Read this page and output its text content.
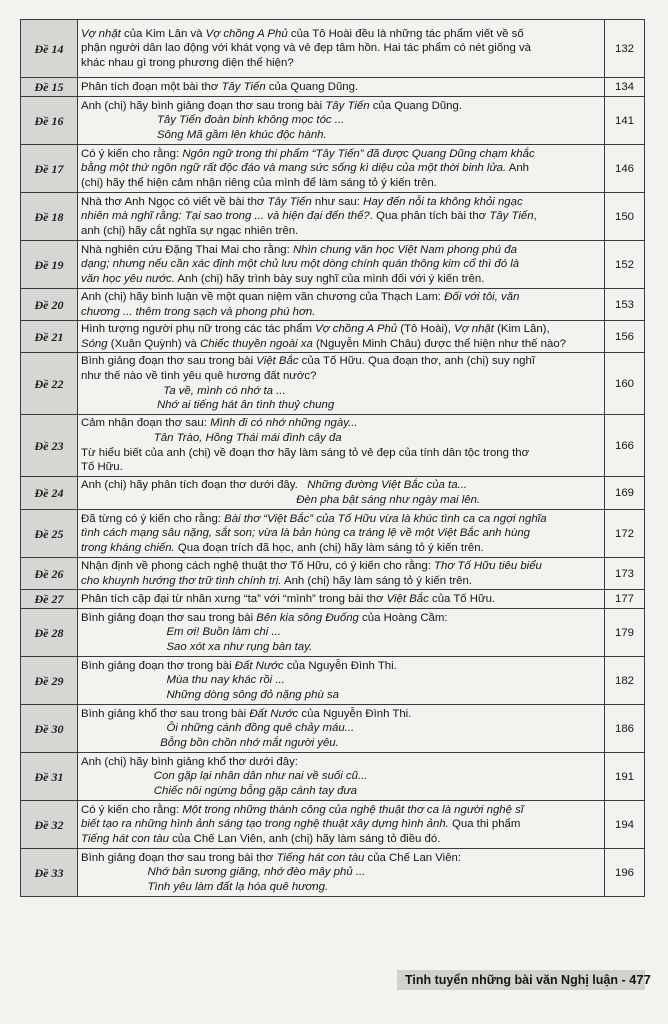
Đề 14	Vợ nhặt của Kim Lân và Vợ chồng A Phủ của Tô Hoài đều là những tác phẩm viết về số
phận người dân lao động với khát vọng và vẻ đẹp tâm hồn. Hai tác phẩm có nét giống và
khác nhau gì trong phương diện thể hiện?	132
Đề 15	Phân tích đoạn một bài thơ Tây Tiến của Quang Dũng.	134
Đề 16	Anh (chị) hãy bình giảng đoạn thơ sau trong bài Tây Tiến của Quang Dũng.
Tây Tiến đoàn binh không mọc tóc ...
Sông Mã gầm lên khúc độc hành.	141
Đề 17	Có ý kiến cho rằng: Ngôn ngữ trong thi phẩm “Tây Tiến” đã được Quang Dũng chạm khắc
bằng một thứ ngôn ngữ rất độc đáo và mang sức sống kì diệu của một thời binh lửa. Anh
(chị) hãy thể hiện cảm nhận riêng của mình để làm sáng tỏ ý kiến trên.	146
Đề 18	Nhà thơ Anh Ngọc có viết về bài thơ Tây Tiến như sau: Hay đến nỗi ta không khỏi ngạc
nhiên mà nghĩ rằng: Tại sao trong ... và hiện đại đến thế?. Qua phân tích bài thơ Tây Tiến,
anh (chị) hãy cắt nghĩa sự ngạc nhiên trên.	150
Đề 19	Nhà nghiên cứu Đặng Thai Mai cho rằng: Nhìn chung văn học Việt Nam phong phú đa
dạng; nhưng nếu cần xác định một chủ lưu một dòng chính quán thông kim cổ thì đó là
văn học yêu nước. Anh (chị) hãy trình bày suy nghĩ của mình đối với ý kiến trên.	152
Đề 20	Anh (chị) hãy bình luận về một quan niệm văn chương của Thạch Lam: Đối với tôi, văn
chương ... thêm trong sạch và phong phú hơn.	153
Đề 21	Hình tượng người phụ nữ trong các tác phẩm Vợ chồng A Phủ (Tô Hoài), Vợ nhặt (Kim Lân),
Sóng (Xuân Quỳnh) và Chiếc thuyền ngoài xa (Nguyễn Minh Châu) được thể hiện như thế nào?	156
Đề 22	Bình giảng đoạn thơ sau trong bài Việt Bắc của Tố Hữu. Qua đoạn thơ, anh (chị) suy nghĩ
như thế nào về tình yêu quê hương đất nước?
Ta về, mình có nhớ ta ...
Nhớ ai tiếng hát ân tình thuỷ chung	160
Đề 23	Cảm nhận đoạn thơ sau: Mình đi có nhớ những ngày...
Tân Trào, Hồng Thái mái đình cây đa
Từ hiểu biết của anh (chị) về đoạn thơ hãy làm sáng tỏ vẻ đẹp của tính dân tộc trong thơ
Tố Hữu.	166
Đề 24	Anh (chị) hãy phân tích đoạn thơ dưới đây.   Những đường Việt Bắc của ta...
Đèn pha bật sáng như ngày mai lên.	169
Đề 25	Đã từng có ý kiến cho rằng: Bài thơ “Việt Bắc” của Tố Hữu vừa là khúc tình ca ca ngợi nghĩa
tình cách mạng sâu nặng, sắt son; vừa là bản hùng ca tráng lệ về một Việt Bắc anh hùng
trong kháng chiến. Qua đoạn trích đã học, anh (chị) hãy làm sáng tỏ ý kiến trên.	172
Đề 26	Nhận định về phong cách nghệ thuật thơ Tố Hữu, có ý kiến cho rằng: Thơ Tố Hữu tiêu biểu
cho khuynh hướng thơ trữ tình chính trị. Anh (chị) hãy làm sáng tỏ ý kiến trên.	173
Đề 27	Phân tích cặp đại từ nhân xưng “ta” với “mình” trong bài thơ Việt Bắc của Tố Hữu.	177
Đề 28	Bình giảng đoạn thơ sau trong bài Bên kia sông Đuống của Hoàng Cầm:
Em ơi! Buồn làm chi ...
Sao xót xa như rụng bàn tay.	179
Đề 29	Bình giảng đoạn thơ trong bài Đất Nước của Nguyễn Đình Thi.
Mùa thu nay khác rồi ...
Những dòng sông đỏ nặng phù sa	182
Đề 30	Bình giảng khổ thơ sau trong bài Đất Nước của Nguyễn Đình Thi.
Ôi những cánh đồng quê chảy máu...
Bỗng bồn chồn nhớ mắt người yêu.	186
Đề 31	Anh (chị) hãy bình giảng khổ thơ dưới đây:
Con gặp lại nhân dân như nai về suối cũ...
Chiếc nôi ngừng bỗng gặp cánh tay đưa	191
Đề 32	Có ý kiến cho rằng: Một trong những thành công của nghệ thuật thơ ca là người nghệ sĩ
biết tạo ra những hình ảnh sáng tạo trong nghệ thuật xây dựng hình ảnh. Qua thi phẩm
Tiếng hát con tàu của Chế Lan Viên, anh (chị) hãy làm sáng tỏ điều đó.	194
Đề 33	Bình giảng đoạn thơ sau trong bài thơ Tiếng hát con tàu của Chế Lan Viên:
Nhớ bản sương giăng, nhớ đèo mây phủ ...
Tình yêu làm đất lạ hóa quê hương.	196
Tinh tuyển những bài văn Nghị luận - 477
